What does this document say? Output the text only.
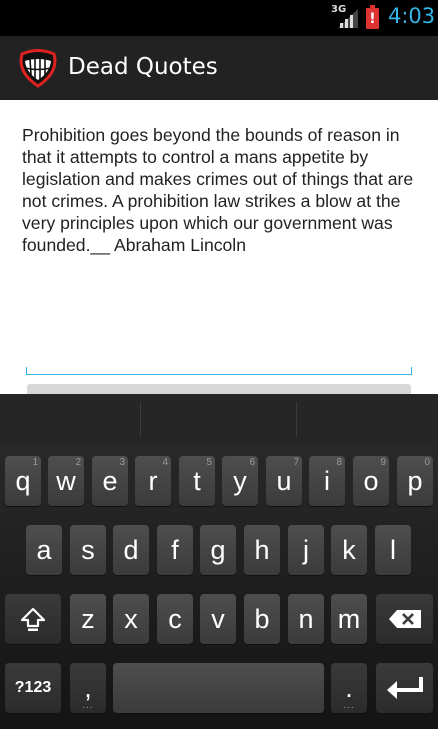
3G
! 4:03
Dead Quotes

Prohibition goes beyond the bounds of reason in that it attempts to control a mans appetite by legislation and makes crimes out of things that are not crimes. A prohibition law strikes a blow at the very principles upon which our government was founded.__ Abraham Lincoln

q
1
w
2
e
3
r
4
t
5
y
6
u
7
i
8
o
9
p
0
a s d f g h j k l
z x c v b n m
?123 ,
...
.
...
